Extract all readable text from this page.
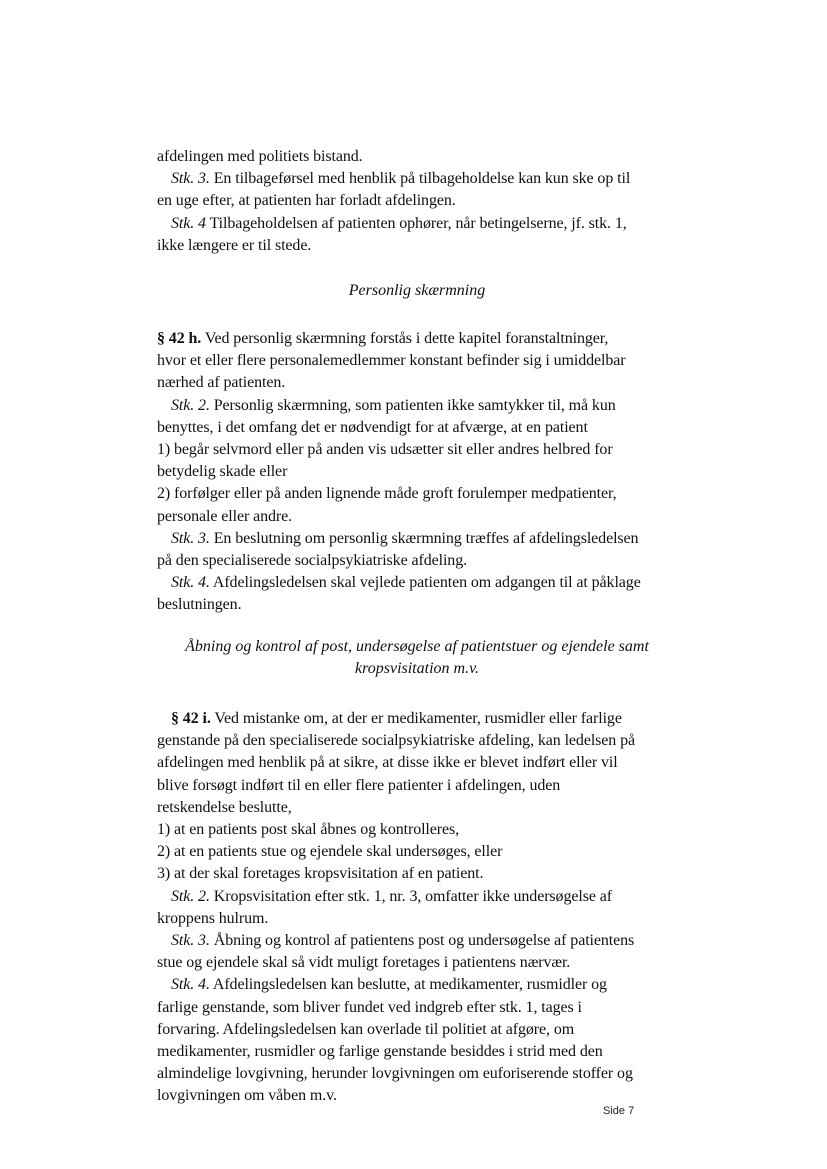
afdelingen med politiets bistand.

Stk. 3. En tilbageførsel med henblik på tilbageholdelse kan kun ske op til

en uge efter, at patienten har forladt afdelingen.

Stk. 4 Tilbageholdelsen af patienten ophører, når betingelserne, jf. stk. 1,

ikke længere er til stede.

Personlig skærmning

§ 42 h. Ved personlig skærmning forstås i dette kapitel foranstaltninger,

hvor et eller flere personalemedlemmer konstant befinder sig i umiddelbar

nærhed af patienten.

Stk. 2. Personlig skærmning, som patienten ikke samtykker til, må kun

benyttes, i det omfang det er nødvendigt for at afværge, at en patient

1) begår selvmord eller på anden vis udsætter sit eller andres helbred for

betydelig skade eller

2) forfølger eller på anden lignende måde groft forulemper medpatienter,

personale eller andre.

Stk. 3. En beslutning om personlig skærmning træffes af afdelingsledelsen

på den specialiserede socialpsykiatriske afdeling.

Stk. 4. Afdelingsledelsen skal vejlede patienten om adgangen til at påklage

beslutningen.

Åbning og kontrol af post, undersøgelse af patientstuer og ejendele samt
kropsvisitation m.v.

§ 42 i. Ved mistanke om, at der er medikamenter, rusmidler eller farlige

genstande på den specialiserede socialpsykiatriske afdeling, kan ledelsen på

afdelingen med henblik på at sikre, at disse ikke er blevet indført eller vil

blive forsøgt indført til en eller flere patienter i afdelingen, uden

retskendelse beslutte,

1) at en patients post skal åbnes og kontrolleres,

2) at en patients stue og ejendele skal undersøges, eller

3) at der skal foretages kropsvisitation af en patient.

Stk. 2. Kropsvisitation efter stk. 1, nr. 3, omfatter ikke undersøgelse af

kroppens hulrum.

Stk. 3. Åbning og kontrol af patientens post og undersøgelse af patientens

stue og ejendele skal så vidt muligt foretages i patientens nærvær.

Stk. 4. Afdelingsledelsen kan beslutte, at medikamenter, rusmidler og

farlige genstande, som bliver fundet ved indgreb efter stk. 1, tages i

forvaring. Afdelingsledelsen kan overlade til politiet at afgøre, om

medikamenter, rusmidler og farlige genstande besiddes i strid med den

almindelige lovgivning, herunder lovgivningen om euforiserende stoffer og

lovgivningen om våben m.v.

Side 7
